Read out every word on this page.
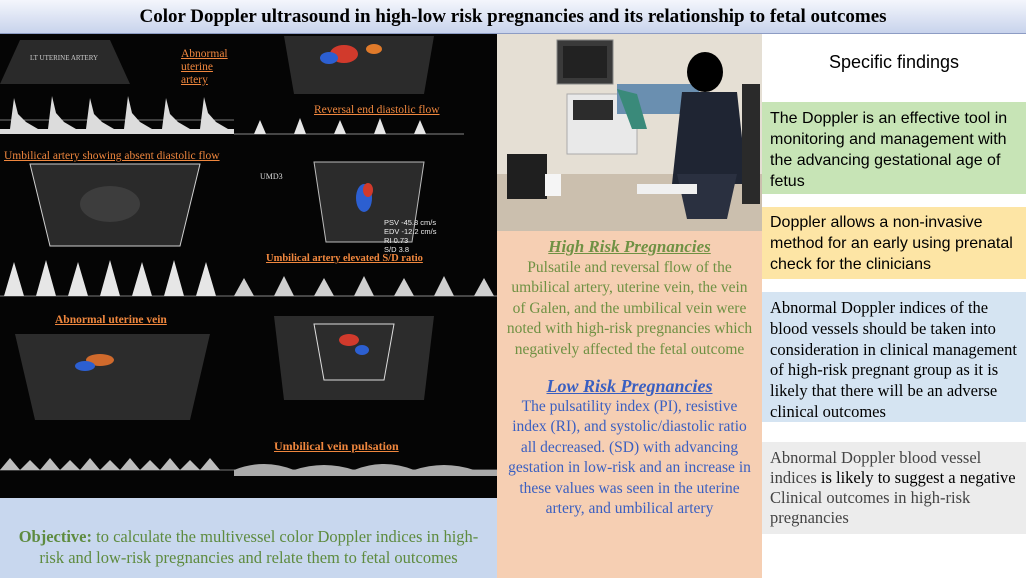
Color Doppler ultrasound in high-low risk pregnancies and its relationship to fetal outcomes
LT UTERINE ARTERY	Abnormal uterine artery
Reversal end diastolic flow
Umbilical artery showing absent diastolic flow
UMD3
PSV -45.8 cm/s
EDV -12.2 cm/s
RI 0.73
S/D 3.8
Umbilical artery elevated S/D ratio
Abnormal uterine vein
Umbilical vein pulsation
High Risk Pregnancies
Pulsatile and reversal flow of the umbilical artery, uterine vein, the vein of Galen, and the umbilical vein were noted with high-risk pregnancies which negatively affected the fetal outcome
Low Risk Pregnancies
The pulsatility index (PI), resistive index (RI), and systolic/diastolic ratio all decreased. (SD) with advancing gestation in low-risk and an increase in these values was seen in the uterine artery, and umbilical artery
Objective: to calculate the multivessel color Doppler indices in high-risk and low-risk pregnancies and relate them to fetal outcomes
Specific findings
The Doppler is an effective tool in monitoring and management with the advancing gestational age of fetus
Doppler allows a non-invasive method for an early using prenatal check for the clinicians
Abnormal Doppler indices of the blood vessels should be taken into consideration in clinical management of high-risk pregnant group as it is likely that there will be an adverse clinical outcomes
Abnormal Doppler blood vessel indices is likely to suggest a negative Clinical outcomes in high-risk pregnancies
